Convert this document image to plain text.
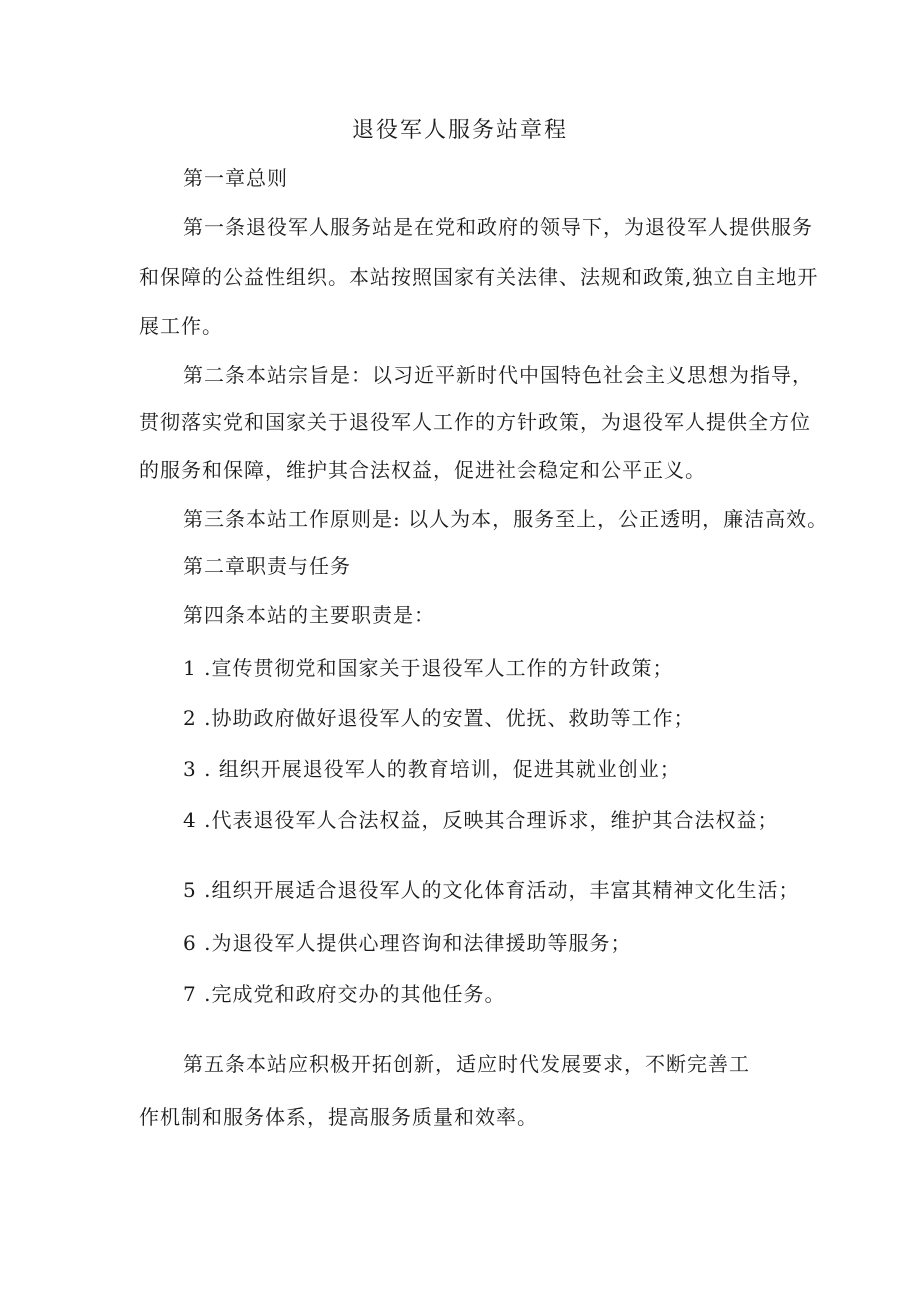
退役军人服务站章程
第一章总则
第一条退役军人服务站是在党和政府的领导下，为退役军人提供服务
和保障的公益性组织。本站按照国家有关法律、法规和政策,独立自主地开
展工作。
第二条本站宗旨是：以习近平新时代中国特色社会主义思想为指导，
贯彻落实党和国家关于退役军人工作的方针政策，为退役军人提供全方位
的服务和保障，维护其合法权益，促进社会稳定和公平正义。
第三条本站工作原则是: 以人为本，服务至上，公正透明，廉洁高效。
第二章职责与任务
第四条本站的主要职责是：
1 .宣传贯彻党和国家关于退役军人工作的方针政策；
2 .协助政府做好退役军人的安置、优抚、救助等工作；
3 . 组织开展退役军人的教育培训，促进其就业创业；
4 .代表退役军人合法权益，反映其合理诉求，维护其合法权益；
5 .组织开展适合退役军人的文化体育活动，丰富其精神文化生活；
6 .为退役军人提供心理咨询和法律援助等服务；
7 .完成党和政府交办的其他任务。
第五条本站应积极开拓创新，适应时代发展要求，不断完善工
作机制和服务体系，提高服务质量和效率。
